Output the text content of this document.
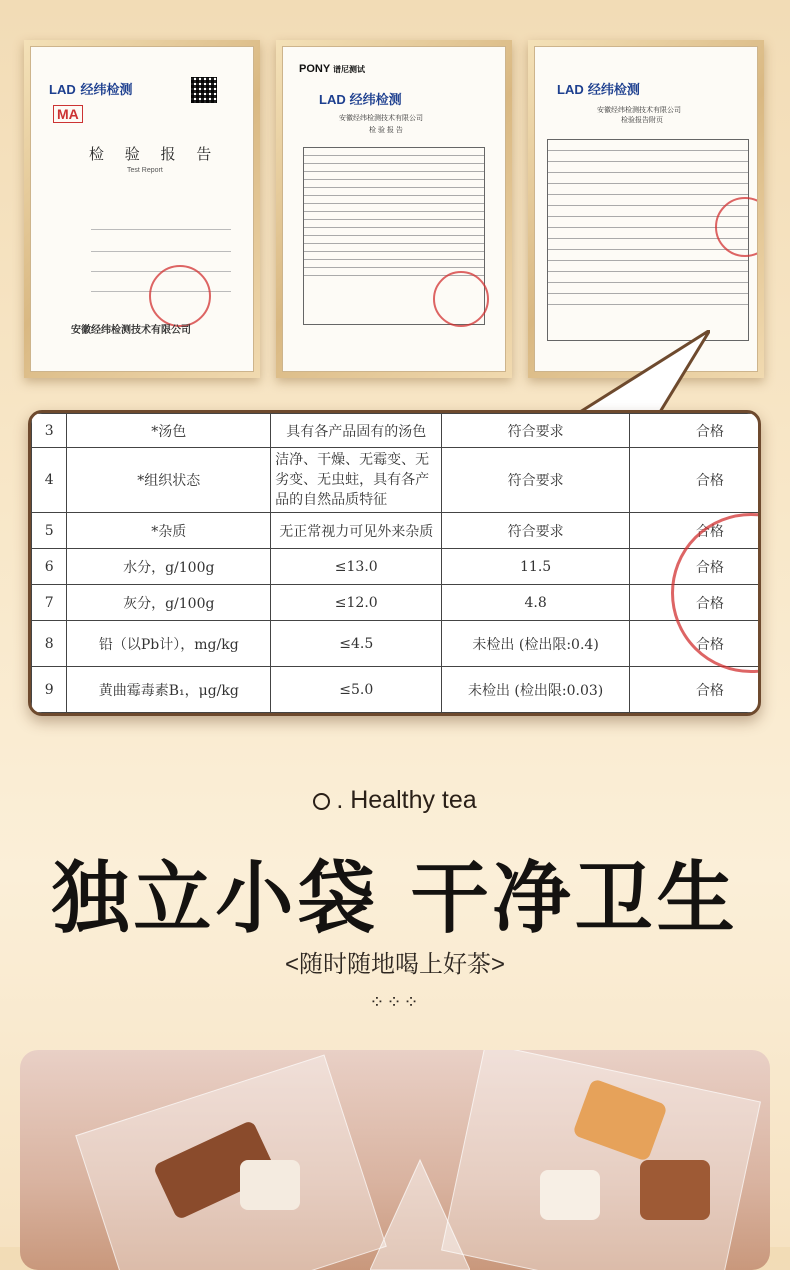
LAD 经纬检测
MA
检 验 报 告
Test Report
安徽经纬检测技术有限公司
PONY 谱尼测试
LAD 经纬检测
安徽经纬检测技术有限公司
检 验 报 告
LAD 经纬检测
安徽经纬检测技术有限公司
检验报告附页
3	*汤色	具有各产品固有的汤色	符合要求	合格
4	*组织状态	洁净、干燥、无霉变、无劣变、无虫蛀，具有各产品的自然品质特征	符合要求	合格
5	*杂质	无正常视力可见外来杂质	符合要求	合格
6	水分，g/100g	≤13.0	11.5	合格
7	灰分，g/100g	≤12.0	4.8	合格
8	铅（以Pb计），mg/kg	≤4.5	未检出 (检出限:0.4)	合格
9	黄曲霉毒素B₁，μg/kg	≤5.0	未检出 (检出限:0.03)	合格
. Healthy tea
独立小袋 干净卫生
<随时随地喝上好茶>
⁘⁘⁘
